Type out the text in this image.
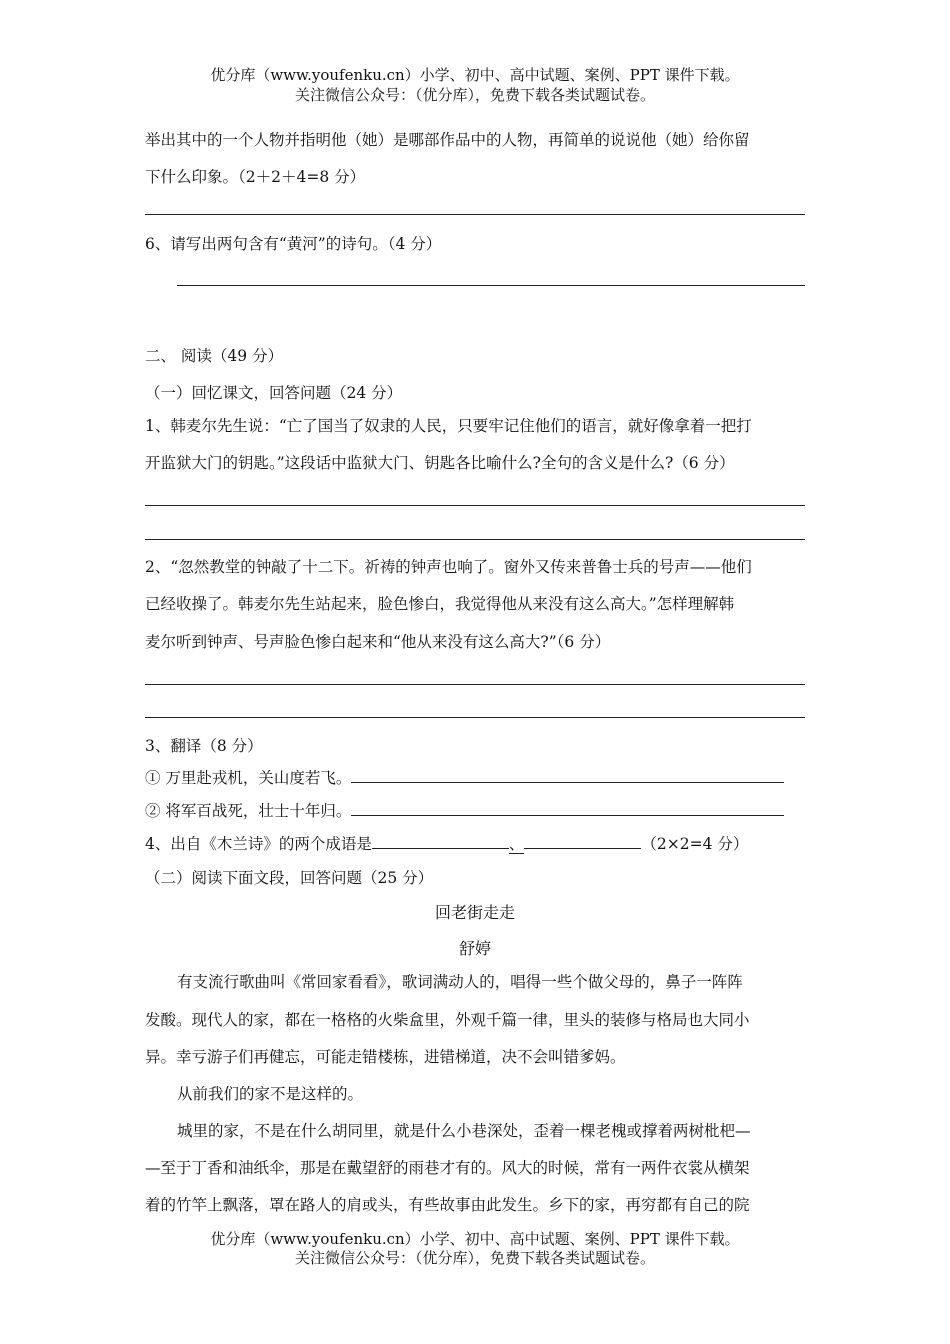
优分库（www.youfenku.cn）小学、初中、高中试题、案例、PPT 课件下载。
关注微信公众号：（优分库），免费下载各类试题试卷。
举出其中的一个人物并指明他（她）是哪部作品中的人物，再简单的说说他（她）给你留
下什么印象。（2＋2＋4=8 分）
6、请写出两句含有“黄河”的诗句。（4 分）
二、 阅读（49 分）
（一）回忆课文，回答问题（24 分）
1、韩麦尔先生说：“亡了国当了奴隶的人民，只要牢记住他们的语言，就好像拿着一把打
开监狱大门的钥匙。”这段话中监狱大门、钥匙各比喻什么?全句的含义是什么?（6 分）
2、“忽然教堂的钟敲了十二下。祈祷的钟声也响了。窗外又传来普鲁士兵的号声——他们
已经收操了。韩麦尔先生站起来，脸色惨白，我觉得他从来没有这么高大。”怎样理解韩
麦尔听到钟声、号声脸色惨白起来和“他从来没有这么高大?”（6 分）
3、翻译（8 分）
① 万里赴戎机，关山度若飞。
② 将军百战死，壮士十年归。
4、出自《木兰诗》的两个成语是	、	（2×2=4 分）
（二）阅读下面文段，回答问题（25 分）
回老街走走
舒婷
有支流行歌曲叫《常回家看看》，歌词满动人的，唱得一些个做父母的，鼻子一阵阵
发酸。现代人的家，都在一格格的火柴盒里，外观千篇一律，里头的装修与格局也大同小
异。幸亏游子们再健忘，可能走错楼栋，进错梯道，决不会叫错爹妈。
从前我们的家不是这样的。
城里的家，不是在什么胡同里，就是什么小巷深处，歪着一棵老槐或撑着两树枇杷—
—至于丁香和油纸伞，那是在戴望舒的雨巷才有的。风大的时候，常有一两件衣裳从横架
着的竹竿上飘落，罩在路人的肩或头，有些故事由此发生。乡下的家，再穷都有自己的院
优分库（www.youfenku.cn）小学、初中、高中试题、案例、PPT 课件下载。
关注微信公众号：（优分库），免费下载各类试题试卷。
